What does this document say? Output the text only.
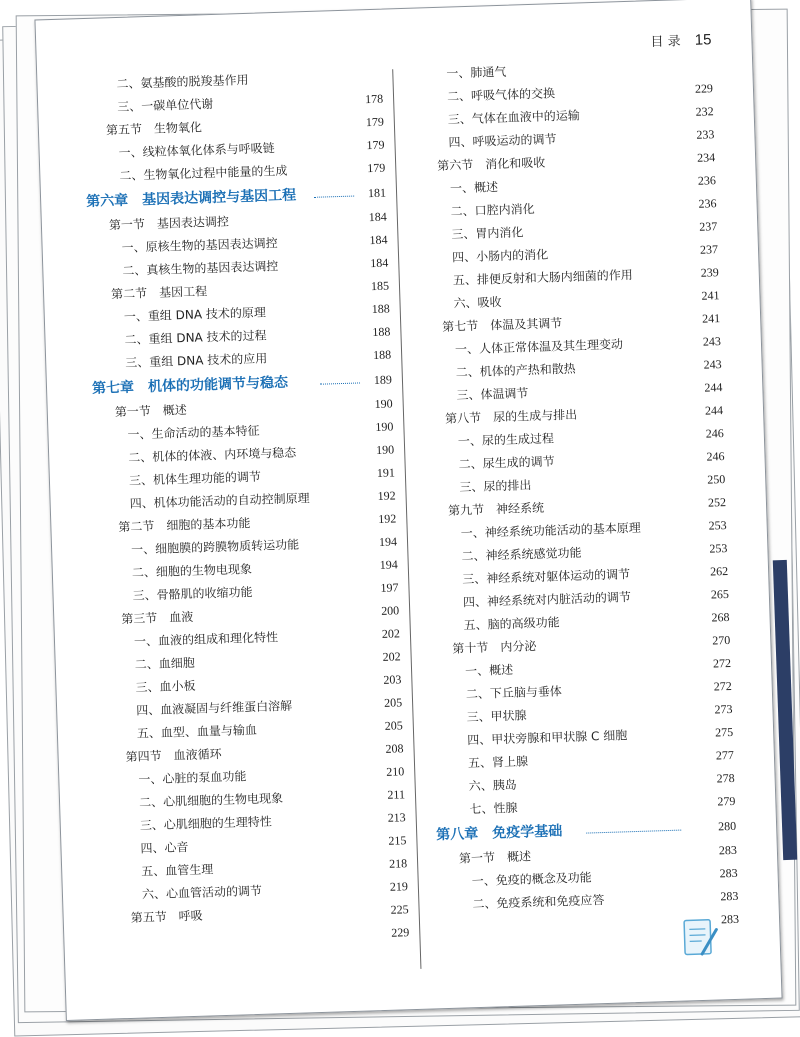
目 录 15
二、氨基酸的脱羧基作用
三、一碳单位代谢	178
第五节　生物氧化	179
一、线粒体氧化体系与呼吸链	179
二、生物氧化过程中能量的生成	179
第六章　基因表达调控与基因工程	181
第一节　基因表达调控	184
一、原核生物的基因表达调控	184
二、真核生物的基因表达调控	184
第二节　基因工程	185
一、重组 DNA 技术的原理	188
二、重组 DNA 技术的过程	188
三、重组 DNA 技术的应用	188
第七章　机体的功能调节与稳态	189
第一节　概述	190
一、生命活动的基本特征	190
二、机体的体液、内环境与稳态	190
三、机体生理功能的调节	191
四、机体功能活动的自动控制原理	192
第二节　细胞的基本功能	192
一、细胞膜的跨膜物质转运功能	194
二、细胞的生物电现象	194
三、骨骼肌的收缩功能	197
第三节　血液	200
一、血液的组成和理化特性	202
二、血细胞	202
三、血小板	203
四、血液凝固与纤维蛋白溶解	205
五、血型、血量与输血	205
第四节　血液循环	208
一、心脏的泵血功能	210
二、心肌细胞的生物电现象	211
三、心肌细胞的生理特性	213
四、心音	215
五、血管生理	218
六、心血管活动的调节	219
第五节　呼吸	225
229
一、肺通气
二、呼吸气体的交换	229
三、气体在血液中的运输	232
四、呼吸运动的调节	233
第六节　消化和吸收	234
一、概述	236
二、口腔内消化	236
三、胃内消化	237
四、小肠内的消化	237
五、排便反射和大肠内细菌的作用	239
六、吸收	241
第七节　体温及其调节	241
一、人体正常体温及其生理变动	243
二、机体的产热和散热	243
三、体温调节	244
第八节　尿的生成与排出	244
一、尿的生成过程	246
二、尿生成的调节	246
三、尿的排出	250
第九节　神经系统	252
一、神经系统功能活动的基本原理	253
二、神经系统感觉功能	253
三、神经系统对躯体运动的调节	262
四、神经系统对内脏活动的调节	265
五、脑的高级功能	268
第十节　内分泌	270
一、概述	272
二、下丘脑与垂体	272
三、甲状腺	273
四、甲状旁腺和甲状腺 C 细胞	275
五、肾上腺	277
六、胰岛	278
七、性腺	279
第八章　免疫学基础	280
第一节　概述	283
一、免疫的概念及功能	283
二、免疫系统和免疫应答	283
283
